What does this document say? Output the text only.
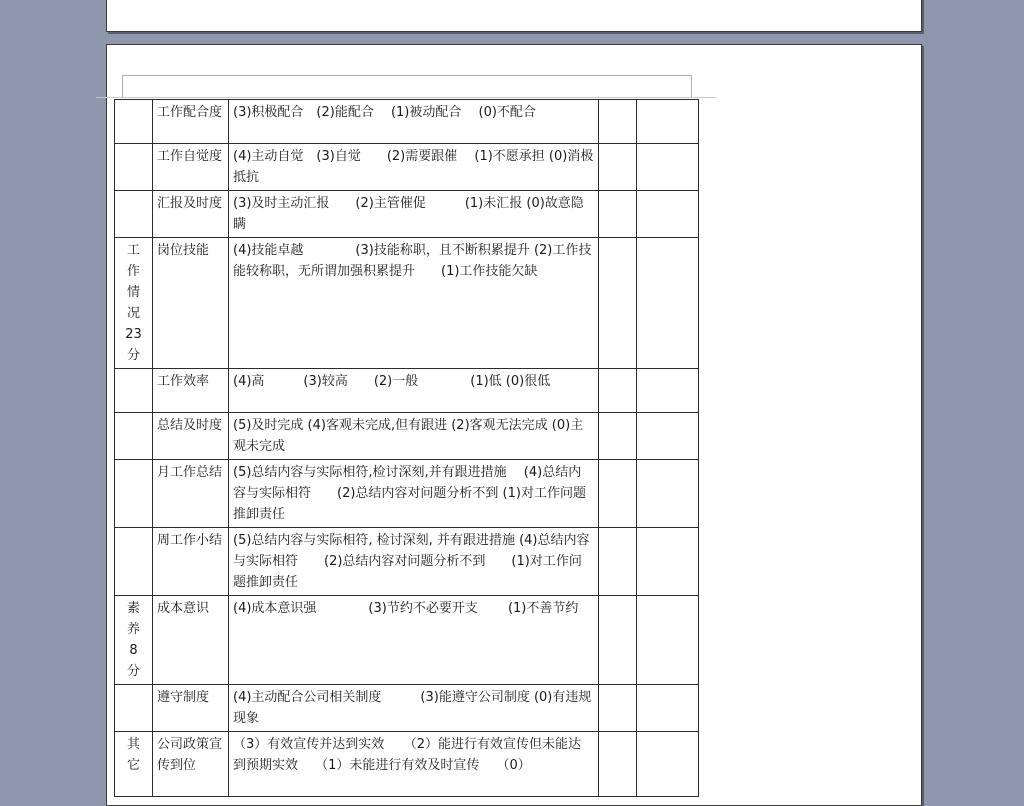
	工作配合度	(3)积极配合　(2)能配合　 (1)被动配合　 (0)不配合		
	工作自觉度	(4)主动自觉　(3)自觉　　(2)需要跟催　 (1)不愿承担 (0)消极抵抗		
	汇报及时度	(3)及时主动汇报　　(2)主管催促　　　(1)未汇报 (0)故意隐瞒		
工作情况23分	岗位技能	(4)技能卓越　　　　(3)技能称职，且不断积累提升 (2)工作技能较称职，无所谓加强积累提升　　(1)工作技能欠缺		
	工作效率	(4)高　　　(3)较高　　(2)一般　　　　(1)低 (0)很低		
	总结及时度	(5)及时完成 (4)客观未完成,但有跟进 (2)客观无法完成 (0)主观未完成		
	月工作总结	(5)总结内容与实际相符,检讨深刻,并有跟进措施　 (4)总结内容与实际相符　　(2)总结内容对问题分析不到 (1)对工作问题推卸责任		
	周工作小结	(5)总结内容与实际相符, 检讨深刻, 并有跟进措施 (4)总结内容与实际相符　　(2)总结内容对问题分析不到　　(1)对工作问题推卸责任		
素养8分	成本意识	(4)成本意识强　　　　(3)节约不必要开支　　 (1)不善节约		
	遵守制度	(4)主动配合公司相关制度　　　(3)能遵守公司制度 (0)有违规现象		
其它	公司政策宣传到位	（3）有效宣传并达到实效　　（2）能进行有效宣传但未能达到预期实效　 （1）未能进行有效及时宣传　 （0）		
